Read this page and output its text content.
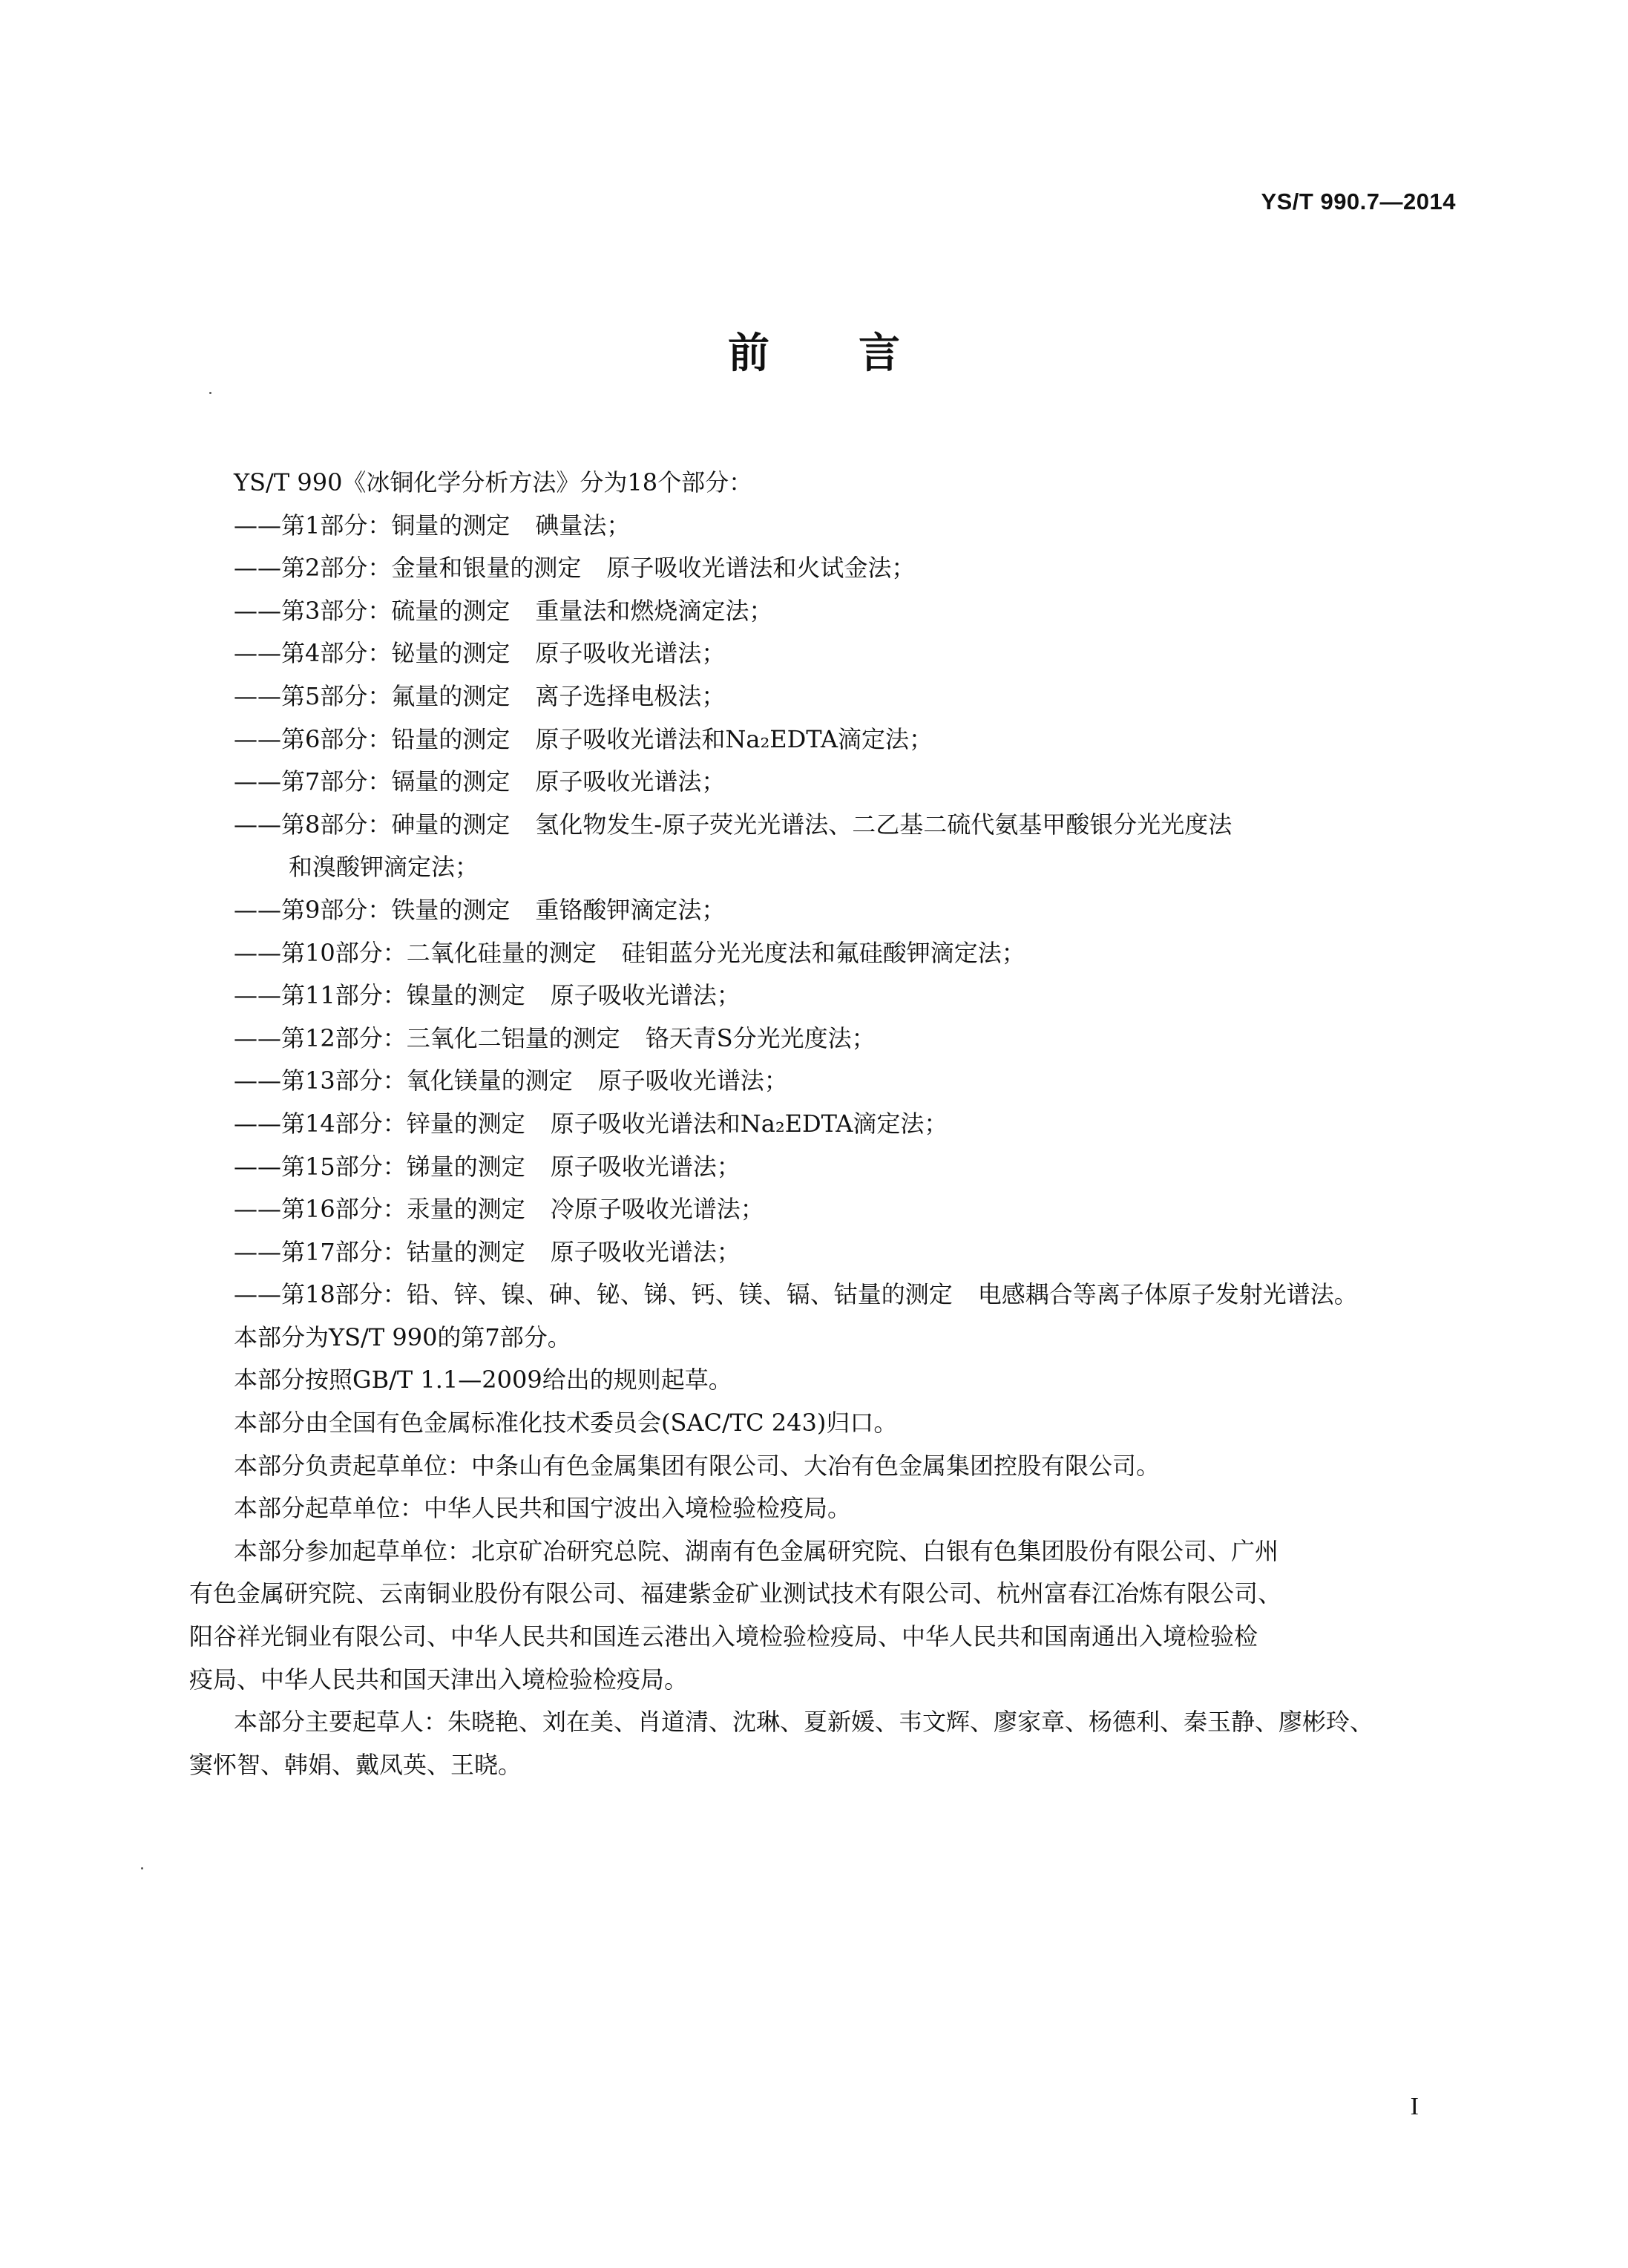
YS/T 990.7—2014
前言
YS/T 990《冰铜化学分析方法》分为18个部分：
——第1部分：铜量的测定 碘量法；
——第2部分：金量和银量的测定 原子吸收光谱法和火试金法；
——第3部分：硫量的测定 重量法和燃烧滴定法；
——第4部分：铋量的测定 原子吸收光谱法；
——第5部分：氟量的测定 离子选择电极法；
——第6部分：铅量的测定 原子吸收光谱法和Na₂EDTA滴定法；
——第7部分：镉量的测定 原子吸收光谱法；
——第8部分：砷量的测定 氢化物发生-原子荧光光谱法、二乙基二硫代氨基甲酸银分光光度法
和溴酸钾滴定法；
——第9部分：铁量的测定 重铬酸钾滴定法；
——第10部分：二氧化硅量的测定 硅钼蓝分光光度法和氟硅酸钾滴定法；
——第11部分：镍量的测定 原子吸收光谱法；
——第12部分：三氧化二铝量的测定 铬天青S分光光度法；
——第13部分：氧化镁量的测定 原子吸收光谱法；
——第14部分：锌量的测定 原子吸收光谱法和Na₂EDTA滴定法；
——第15部分：锑量的测定 原子吸收光谱法；
——第16部分：汞量的测定 冷原子吸收光谱法；
——第17部分：钴量的测定 原子吸收光谱法；
——第18部分：铅、锌、镍、砷、铋、锑、钙、镁、镉、钴量的测定 电感耦合等离子体原子发射光谱法。
本部分为YS/T 990的第7部分。
本部分按照GB/T 1.1—2009给出的规则起草。
本部分由全国有色金属标准化技术委员会(SAC/TC 243)归口。
本部分负责起草单位：中条山有色金属集团有限公司、大冶有色金属集团控股有限公司。
本部分起草单位：中华人民共和国宁波出入境检验检疫局。
本部分参加起草单位：北京矿冶研究总院、湖南有色金属研究院、白银有色集团股份有限公司、广州
有色金属研究院、云南铜业股份有限公司、福建紫金矿业测试技术有限公司、杭州富春江冶炼有限公司、
阳谷祥光铜业有限公司、中华人民共和国连云港出入境检验检疫局、中华人民共和国南通出入境检验检
疫局、中华人民共和国天津出入境检验检疫局。
本部分主要起草人：朱晓艳、刘在美、肖道清、沈琳、夏新媛、韦文辉、廖家章、杨德利、秦玉静、廖彬玲、
窦怀智、韩娟、戴凤英、王晓。
I
